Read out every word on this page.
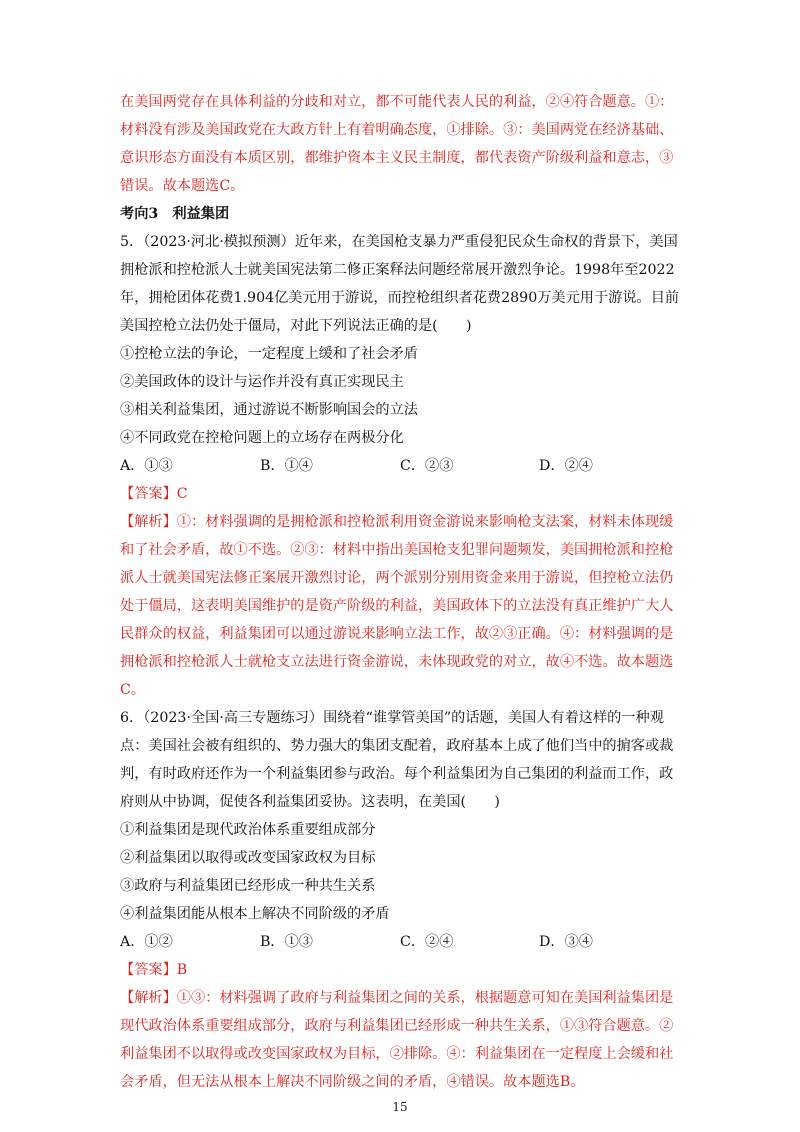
在美国两党存在具体利益的分歧和对立，都不可能代表人民的利益，②④符合题意。①：
材料没有涉及美国政党在大政方针上有着明确态度，①排除。③：美国两党在经济基础、
意识形态方面没有本质区别，都维护资本主义民主制度，都代表资产阶级利益和意志，③
错误。故本题选C。
考向3　利益集团
5．（2023·河北·模拟预测）近年来，在美国枪支暴力严重侵犯民众生命权的背景下，美国
拥枪派和控枪派人士就美国宪法第二修正案释法问题经常展开激烈争论。1998年至2022
年，拥枪团体花费1.904亿美元用于游说，而控枪组织者花费2890万美元用于游说。目前
美国控枪立法仍处于僵局，对此下列说法正确的是(　　)
①控枪立法的争论，一定程度上缓和了社会矛盾
②美国政体的设计与运作并没有真正实现民主
③相关利益集团，通过游说不断影响国会的立法
④不同政党在控枪问题上的立场存在两极分化
A．①③	B．①④	C．②③	D．②④
【答案】C
【解析】①：材料强调的是拥枪派和控枪派利用资金游说来影响枪支法案，材料未体现缓
和了社会矛盾，故①不选。②③：材料中指出美国枪支犯罪问题频发，美国拥枪派和控枪
派人士就美国宪法修正案展开激烈讨论，两个派别分别用资金来用于游说，但控枪立法仍
处于僵局，这表明美国维护的是资产阶级的利益，美国政体下的立法没有真正维护广大人
民群众的权益，利益集团可以通过游说来影响立法工作，故②③正确。④：材料强调的是
拥枪派和控枪派人士就枪支立法进行资金游说，未体现政党的对立，故④不选。故本题选
C。
6．（2023·全国·高三专题练习）围绕着“谁掌管美国”的话题，美国人有着这样的一种观
点：美国社会被有组织的、势力强大的集团支配着，政府基本上成了他们当中的掮客或裁
判，有时政府还作为一个利益集团参与政治。每个利益集团为自己集团的利益而工作，政
府则从中协调，促使各利益集团妥协。这表明，在美国(　　)
①利益集团是现代政治体系重要组成部分
②利益集团以取得或改变国家政权为目标
③政府与利益集团已经形成一种共生关系
④利益集团能从根本上解决不同阶级的矛盾
A．①②	B．①③	C．②④	D．③④
【答案】B
【解析】①③：材料强调了政府与利益集团之间的关系，根据题意可知在美国利益集团是
现代政治体系重要组成部分，政府与利益集团已经形成一种共生关系，①③符合题意。②
利益集团不以取得或改变国家政权为目标，②排除。④：利益集团在一定程度上会缓和社
会矛盾，但无法从根本上解决不同阶级之间的矛盾，④错误。故本题选B。
15
